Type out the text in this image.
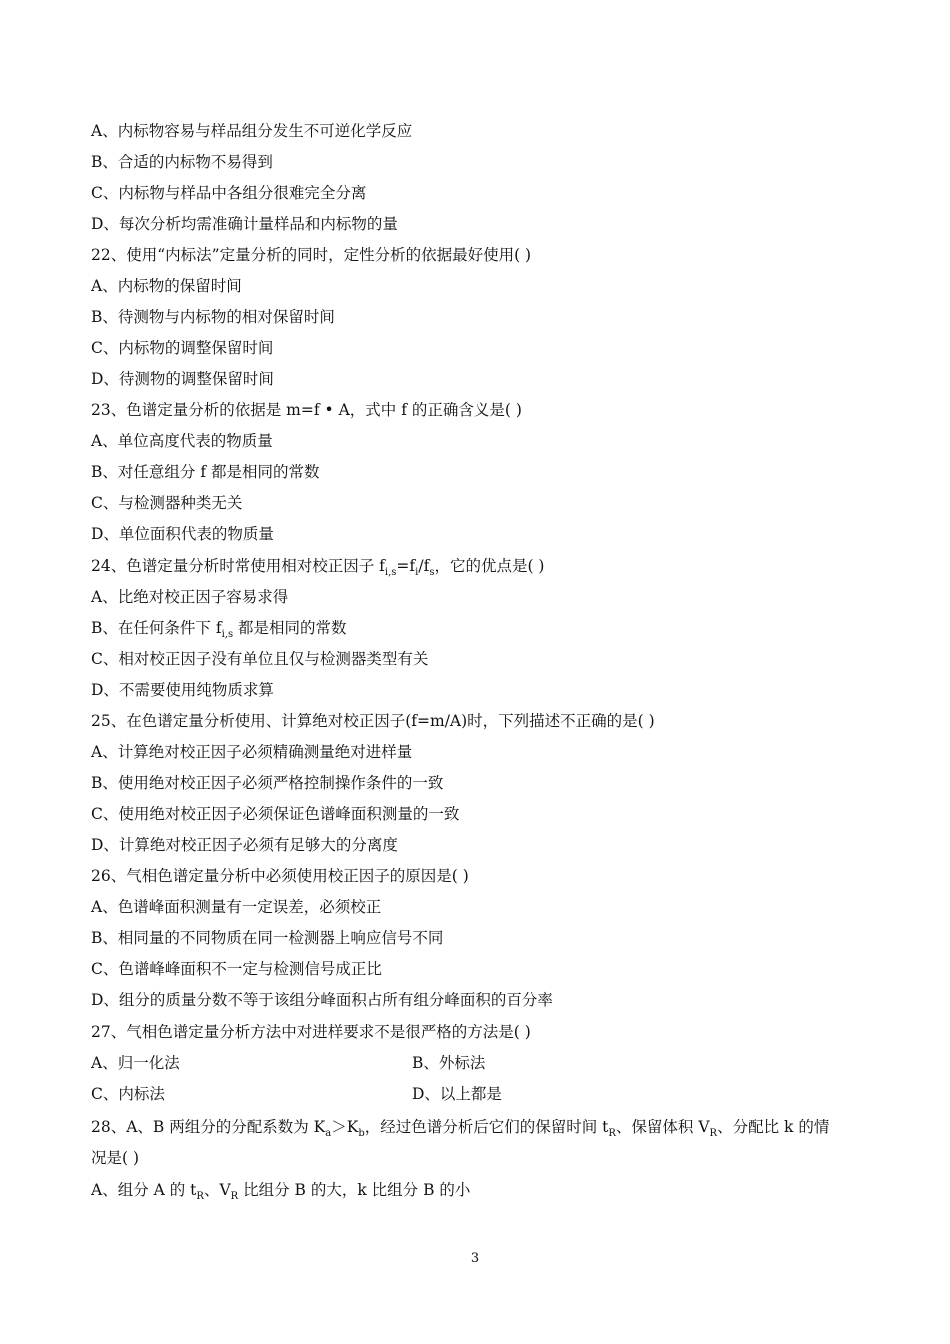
A、内标物容易与样品组分发生不可逆化学反应
B、合适的内标物不易得到
C、内标物与样品中各组分很难完全分离
D、每次分析均需准确计量样品和内标物的量
22、使用“内标法”定量分析的同时，定性分析的依据最好使用( )
A、内标物的保留时间
B、待测物与内标物的相对保留时间
C、内标物的调整保留时间
D、待测物的调整保留时间
23、色谱定量分析的依据是 m=f • A，式中 f 的正确含义是( )
A、单位高度代表的物质量
B、对任意组分 f 都是相同的常数
C、与检测器种类无关
D、单位面积代表的物质量
24、色谱定量分析时常使用相对校正因子 $f_{i,s}=f_i/f_s$，它的优点是( )
A、比绝对校正因子容易求得
B、在任何条件下 $f_{i,s}$ 都是相同的常数
C、相对校正因子没有单位且仅与检测器类型有关
D、不需要使用纯物质求算
25、在色谱定量分析使用、计算绝对校正因子(f=m/A)时，下列描述不正确的是( )
A、计算绝对校正因子必须精确测量绝对进样量
B、使用绝对校正因子必须严格控制操作条件的一致
C、使用绝对校正因子必须保证色谱峰面积测量的一致
D、计算绝对校正因子必须有足够大的分离度
26、气相色谱定量分析中必须使用校正因子的原因是( )
A、色谱峰面积测量有一定误差，必须校正
B、相同量的不同物质在同一检测器上响应信号不同
C、色谱峰峰面积不一定与检测信号成正比
D、组分的质量分数不等于该组分峰面积占所有组分峰面积的百分率
27、气相色谱定量分析方法中对进样要求不是很严格的方法是( )
A、归一化法	B、外标法
C、内标法	D、以上都是
28、A、B 两组分的分配系数为 $K_a>K_b$，经过色谱分析后它们的保留时间 $t_R$、保留体积 $V_R$、分配比 k 的情
况是( )
A、组分 A 的 $t_R$、$V_R$ 比组分 B 的大，k 比组分 B 的小
3
